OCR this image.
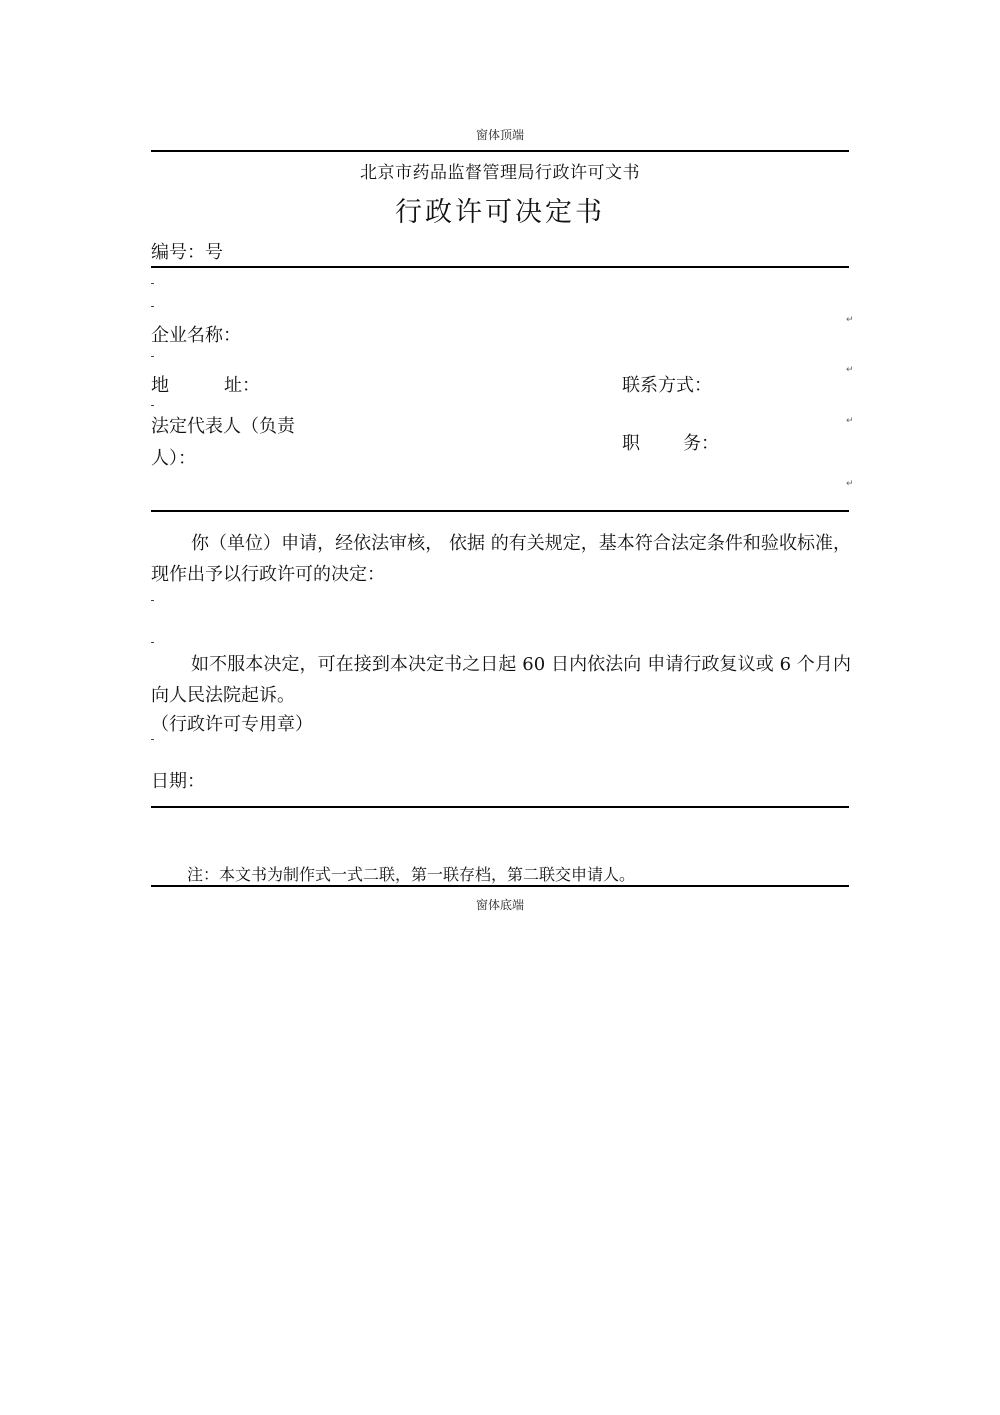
窗体顶端
北京市药品监督管理局行政许可文书
行政许可决定书
编号：号
↵
↵
↵
↵
企业名称：
地	址：	联系方式：
法定代表人（负责
人）：
职 务：
你（单位）申请，经依法审核， 依据 的有关规定，基本符合法定条件和验收标准，现作出予以行政许可的决定：
如不服本决定，可在接到本决定书之日起 60 日内依法向 申请行政复议或 6 个月内向人民法院起诉。
（行政许可专用章）
日期：
注：本文书为制作式一式二联，第一联存档，第二联交申请人。
窗体底端
